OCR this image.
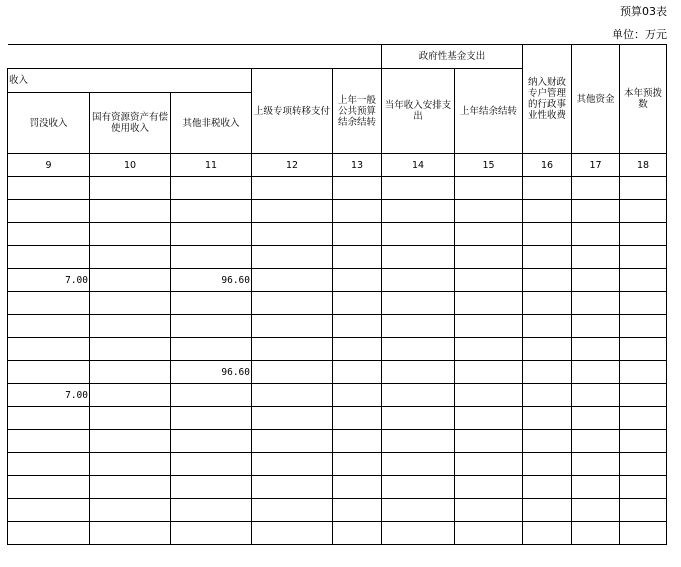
预算03表
单位：万元
					政府性基金支出		纳入财政专户管理的行政事业性收费	其他资金	本年预拨数
收入			上级专项转移支付	上年一般公共预算结余结转	当年收入安排支出	上年结余结转			
罚没收入	国有资源资产有偿使用收入	其他非税收入							
9	10	11	12	13	14	15	16	17	18

7.00		96.60							

		96.60							
7.00									
